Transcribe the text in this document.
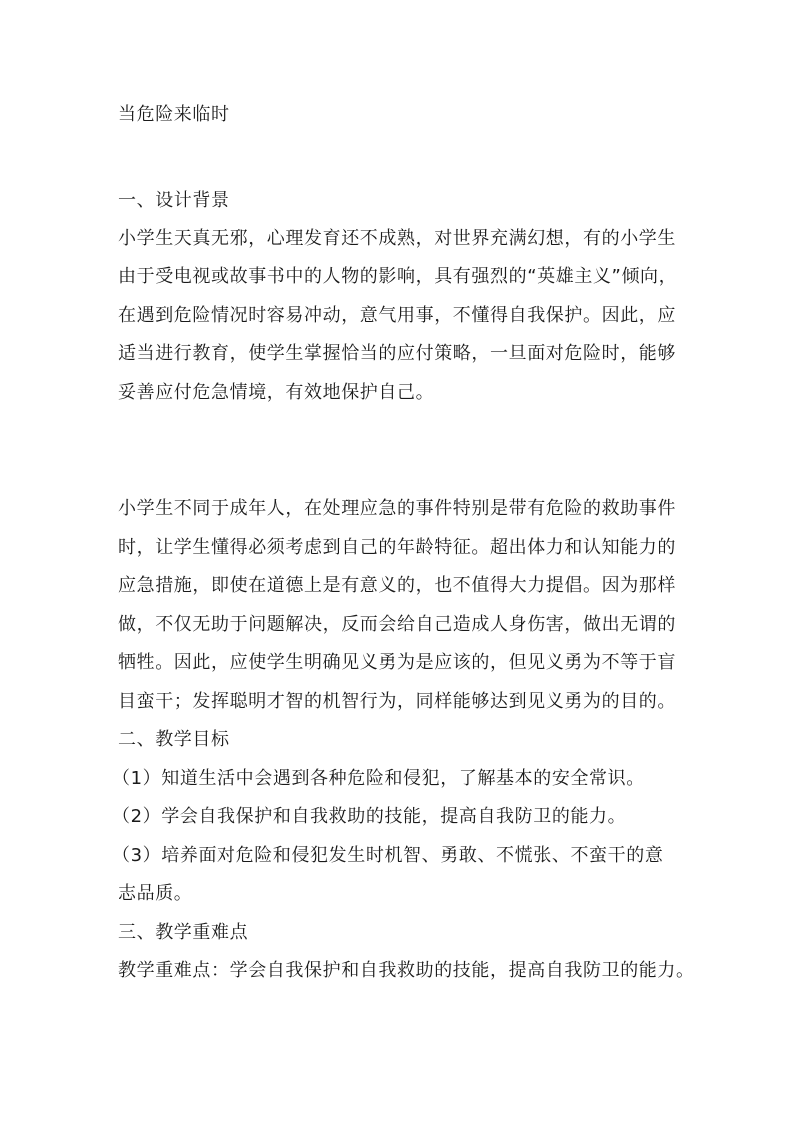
当危险来临时
一、设计背景
小学生天真无邪，心理发育还不成熟，对世界充满幻想，有的小学生
由于受电视或故事书中的人物的影响，具有强烈的“英雄主义”倾向，
在遇到危险情况时容易冲动，意气用事，不懂得自我保护。因此，应
适当进行教育，使学生掌握恰当的应付策略，一旦面对危险时，能够
妥善应付危急情境，有效地保护自己。
小学生不同于成年人，在处理应急的事件特别是带有危险的救助事件
时，让学生懂得必须考虑到自己的年龄特征。超出体力和认知能力的
应急措施，即使在道德上是有意义的，也不值得大力提倡。因为那样
做，不仅无助于问题解决，反而会给自己造成人身伤害，做出无谓的
牺牲。因此，应使学生明确见义勇为是应该的，但见义勇为不等于盲
目蛮干；发挥聪明才智的机智行为，同样能够达到见义勇为的目的。
二、教学目标
（1）知道生活中会遇到各种危险和侵犯，了解基本的安全常识。
（2）学会自我保护和自我救助的技能，提高自我防卫的能力。
（3）培养面对危险和侵犯发生时机智、勇敢、不慌张、不蛮干的意
志品质。
三、教学重难点
教学重难点：学会自我保护和自我救助的技能，提高自我防卫的能力。
